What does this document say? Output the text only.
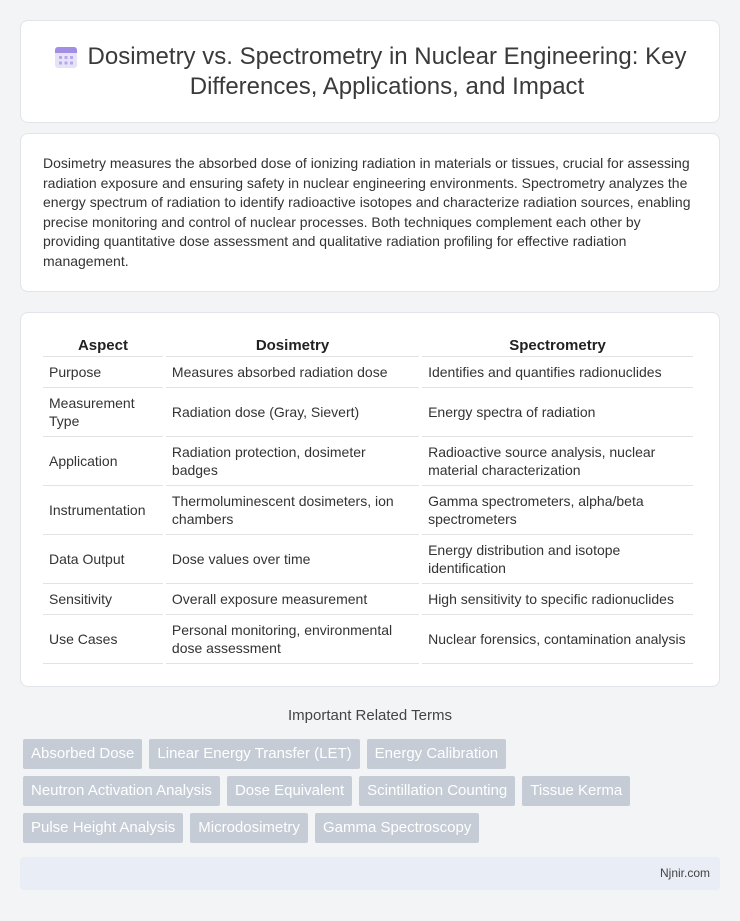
Dosimetry vs. Spectrometry in Nuclear Engineering: Key Differences, Applications, and Impact

Dosimetry measures the absorbed dose of ionizing radiation in materials or tissues, crucial for assessing radiation exposure and ensuring safety in nuclear engineering environments. Spectrometry analyzes the energy spectrum of radiation to identify radioactive isotopes and characterize radiation sources, enabling precise monitoring and control of nuclear processes. Both techniques complement each other by providing quantitative dose assessment and qualitative radiation profiling for effective radiation management.

Aspect	Dosimetry	Spectrometry
Purpose	Measures absorbed radiation dose	Identifies and quantifies radionuclides
Measurement Type	Radiation dose (Gray, Sievert)	Energy spectra of radiation
Application	Radiation protection, dosimeter badges	Radioactive source analysis, nuclear material characterization
Instrumentation	Thermoluminescent dosimeters, ion chambers	Gamma spectrometers, alpha/beta spectrometers
Data Output	Dose values over time	Energy distribution and isotope identification
Sensitivity	Overall exposure measurement	High sensitivity to specific radionuclides
Use Cases	Personal monitoring, environmental dose assessment	Nuclear forensics, contamination analysis
Important Related Terms
Absorbed Dose	Linear Energy Transfer (LET)	Energy Calibration
Neutron Activation Analysis	Dose Equivalent	Scintillation Counting	Tissue Kerma
Pulse Height Analysis	Microdosimetry	Gamma Spectroscopy
Njnir.com
